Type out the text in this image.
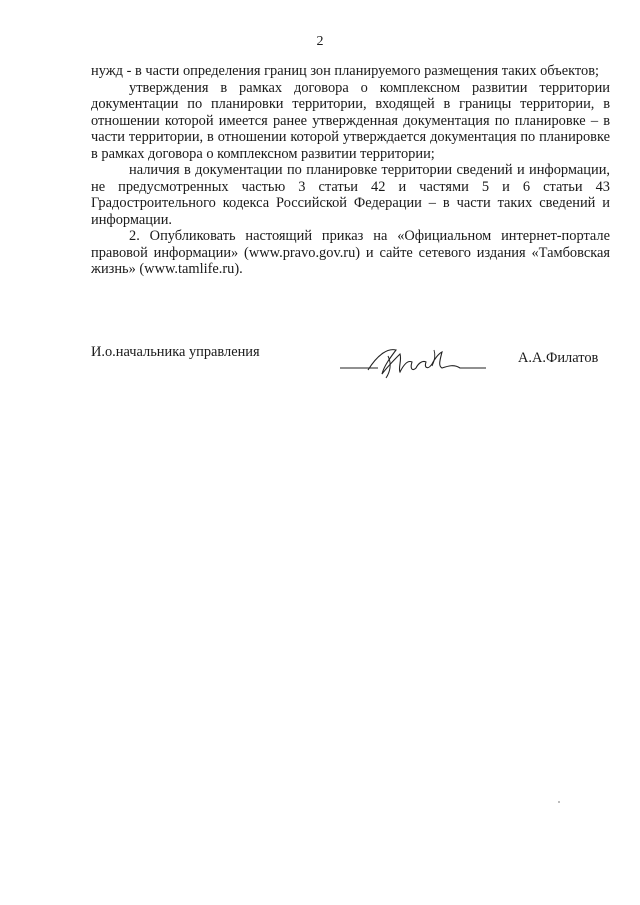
2

нужд - в части определения границ зон планируемого размещения таких объектов;

утверждения в рамках договора о комплексном развитии территории документации по планировки территории, входящей в границы территории, в отношении которой имеется ранее утвержденная документация по планировке – в части территории, в отношении которой утверждается документация по планировке в рамках договора о комплексном развитии территории;

наличия в документации по планировке территории сведений и информации, не предусмотренных частью 3 статьи 42 и частями 5 и 6 статьи 43 Градостроительного кодекса Российской Федерации – в части таких сведений и информации.

2. Опубликовать настоящий приказ на «Официальном интернет-портале правовой информации» (www.pravo.gov.ru) и сайте сетевого издания «Тамбовская жизнь» (www.tamlife.ru).

И.о.начальника управления	А.А.Филатов
